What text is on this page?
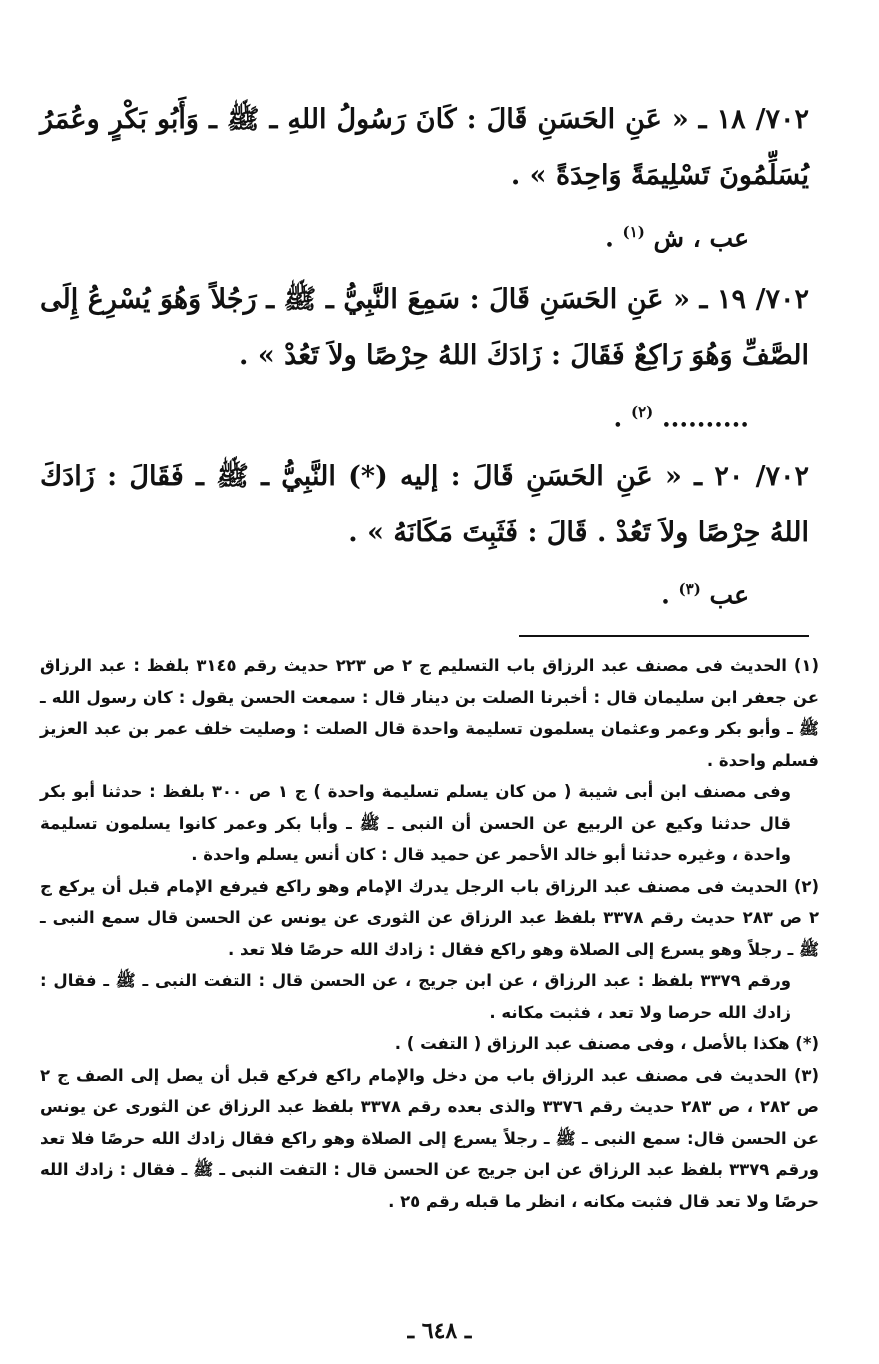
٧٠٢/ ١٨ ـ « عَنِ الحَسَنِ قَالَ : كَانَ رَسُولُ اللهِ ـ ﷺ ـ وَأَبُو بَكْرٍ وعُمَرُ يُسَلِّمُونَ تَسْلِيمَةً وَاحِدَةً » .

عب ، ش $^{(١)}$ .

٧٠٢/ ١٩ ـ « عَنِ الحَسَنِ قَالَ : سَمِعَ النَّبِيُّ ـ ﷺ ـ رَجُلاً وَهُوَ يُسْرِعُ إِلَى الصَّفِّ وَهُوَ رَاكِعٌ فَقَالَ : زَادَكَ اللهُ حِرْصًا ولاَ تَعُدْ » .

.......... $^{(٢)}$ .

٧٠٢/ ٢٠ ـ « عَنِ الحَسَنِ قَالَ : إليه (*) النَّبِيُّ ـ ﷺ ـ فَقَالَ : زَادَكَ اللهُ حِرْصًا ولاَ تَعُدْ . قَالَ : فَثَبِتَ مَكَانَهُ » .

عب $^{(٣)}$ .

(١) الحديث فى مصنف عبد الرزاق باب التسليم ج ٢ ص ٢٢٣ حديث رقم ٣١٤٥ بلفظ : عبد الرزاق عن جعفر ابن سليمان قال : أخبرنا الصلت بن دينار قال : سمعت الحسن يقول : كان رسول الله ـ ﷺ ـ وأبو بكر وعمر وعثمان يسلمون تسليمة واحدة قال الصلت : وصليت خلف عمر بن عبد العزيز فسلم واحدة .

وفى مصنف ابن أبى شيبة ( من كان يسلم تسليمة واحدة ) ج ١ ص ٣٠٠ بلفظ : حدثنا أبو بكر قال حدثنا وكيع عن الربيع عن الحسن أن النبى ـ ﷺ ـ وأبا بكر وعمر كانوا يسلمون تسليمة واحدة ، وغيره حدثنا أبو خالد الأحمر عن حميد قال : كان أنس يسلم واحدة .

(٢) الحديث فى مصنف عبد الرزاق باب الرجل يدرك الإمام وهو راكع فيرفع الإمام قبل أن يركع ج ٢ ص ٢٨٣ حديث رقم ٣٣٧٨ بلفظ عبد الرزاق عن الثورى عن يونس عن الحسن قال سمع النبى ـ ﷺ ـ رجلاً وهو يسرع إلى الصلاة وهو راكع فقال : زادك الله حرصًا فلا تعد .

ورقم ٣٣٧٩ بلفظ : عبد الرزاق ، عن ابن جريج ، عن الحسن قال : التفت النبى ـ ﷺ ـ فقال : زادك الله حرصا ولا تعد ، فثبت مكانه .

(*) هكذا بالأصل ، وفى مصنف عبد الرزاق ( التفت ) .

(٣) الحديث فى مصنف عبد الرزاق باب من دخل والإمام راكع فركع قبل أن يصل إلى الصف ج ٢ ص ٢٨٢ ، ص ٢٨٣ حديث رقم ٣٣٧٦ والذى بعده رقم ٣٣٧٨ بلفظ عبد الرزاق عن الثورى عن يونس عن الحسن قال: سمع النبى ـ ﷺ ـ رجلاً يسرع إلى الصلاة وهو راكع فقال زادك الله حرصًا فلا تعد ورقم ٣٣٧٩ بلفظ عبد الرزاق عن ابن جريج عن الحسن قال : التفت النبى ـ ﷺ ـ فقال : زادك الله حرصًا ولا تعد قال فثبت مكانه ، انظر ما قبله رقم ٢٥ .

ـ ٦٤٨ ـ
